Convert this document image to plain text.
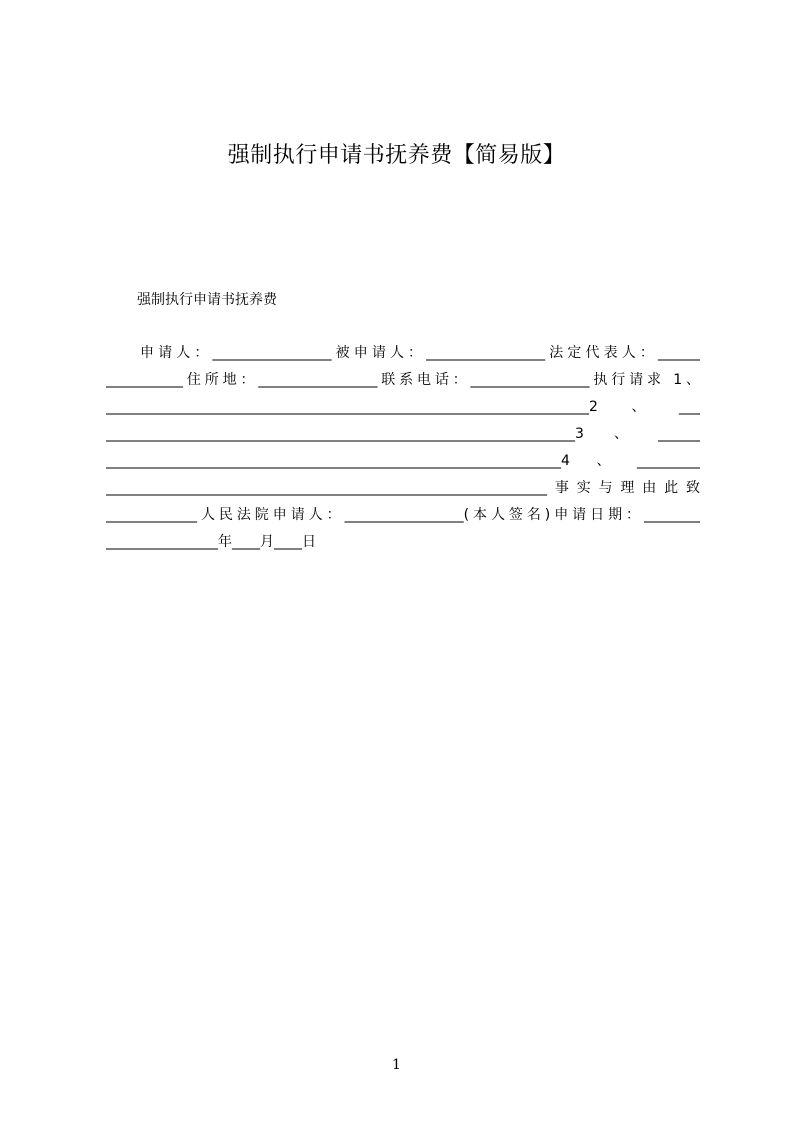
强制执行申请书抚养费【简易版】
强制执行申请书抚养费
申请人：_________________被申请人：_________________法定代表人：______
___________住所地：_________________联系电话：_________________执行请求 1、
_____________________________________________________________________2、___
___________________________________________________________________3、______
_________________________________________________________________4、_________
_______________________________________________________________事实与理由此致
_____________人民法院申请人：_________________(本人签名)申请日期：________
________________年____月____日
1
